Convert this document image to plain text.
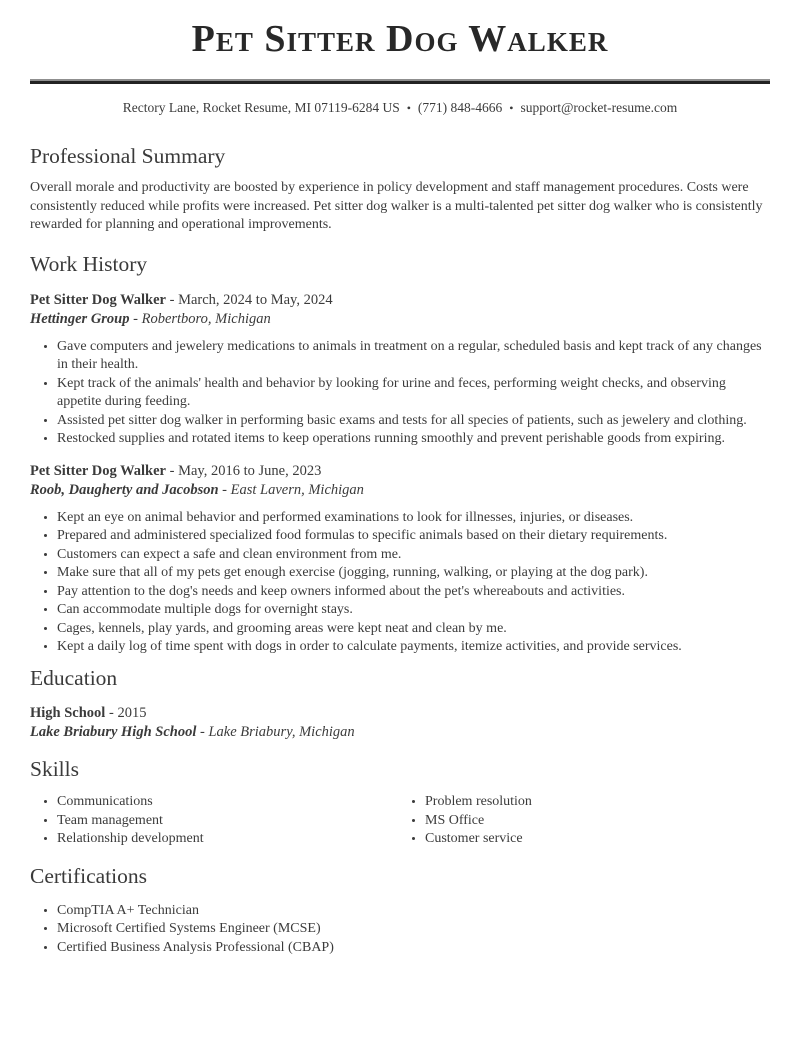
Pet Sitter Dog Walker
Rectory Lane, Rocket Resume, MI 07119-6284 US • (771) 848-4666 • support@rocket-resume.com
Professional Summary

Overall morale and productivity are boosted by experience in policy development and staff management procedures. Costs were consistently reduced while profits were increased. Pet sitter dog walker is a multi-talented pet sitter dog walker who is consistently rewarded for planning and operational improvements.

Work History
Pet Sitter Dog Walker - March, 2024 to May, 2024
Hettinger Group - Robertboro, Michigan
• Gave computers and jewelery medications to animals in treatment on a regular, scheduled basis and kept track of any changes in their health.
• Kept track of the animals' health and behavior by looking for urine and feces, performing weight checks, and observing appetite during feeding.
• Assisted pet sitter dog walker in performing basic exams and tests for all species of patients, such as jewelery and clothing.
• Restocked supplies and rotated items to keep operations running smoothly and prevent perishable goods from expiring.
Pet Sitter Dog Walker - May, 2016 to June, 2023
Roob, Daugherty and Jacobson - East Lavern, Michigan
• Kept an eye on animal behavior and performed examinations to look for illnesses, injuries, or diseases.
• Prepared and administered specialized food formulas to specific animals based on their dietary requirements.
• Customers can expect a safe and clean environment from me.
• Make sure that all of my pets get enough exercise (jogging, running, walking, or playing at the dog park).
• Pay attention to the dog's needs and keep owners informed about the pet's whereabouts and activities.
• Can accommodate multiple dogs for overnight stays.
• Cages, kennels, play yards, and grooming areas were kept neat and clean by me.
• Kept a daily log of time spent with dogs in order to calculate payments, itemize activities, and provide services.
Education
High School - 2015
Lake Briabury High School - Lake Briabury, Michigan
Skills
• Communications
• Team management
• Relationship development
• Problem resolution
• MS Office
• Customer service
Certifications
• CompTIA A+ Technician
• Microsoft Certified Systems Engineer (MCSE)
• Certified Business Analysis Professional (CBAP)
